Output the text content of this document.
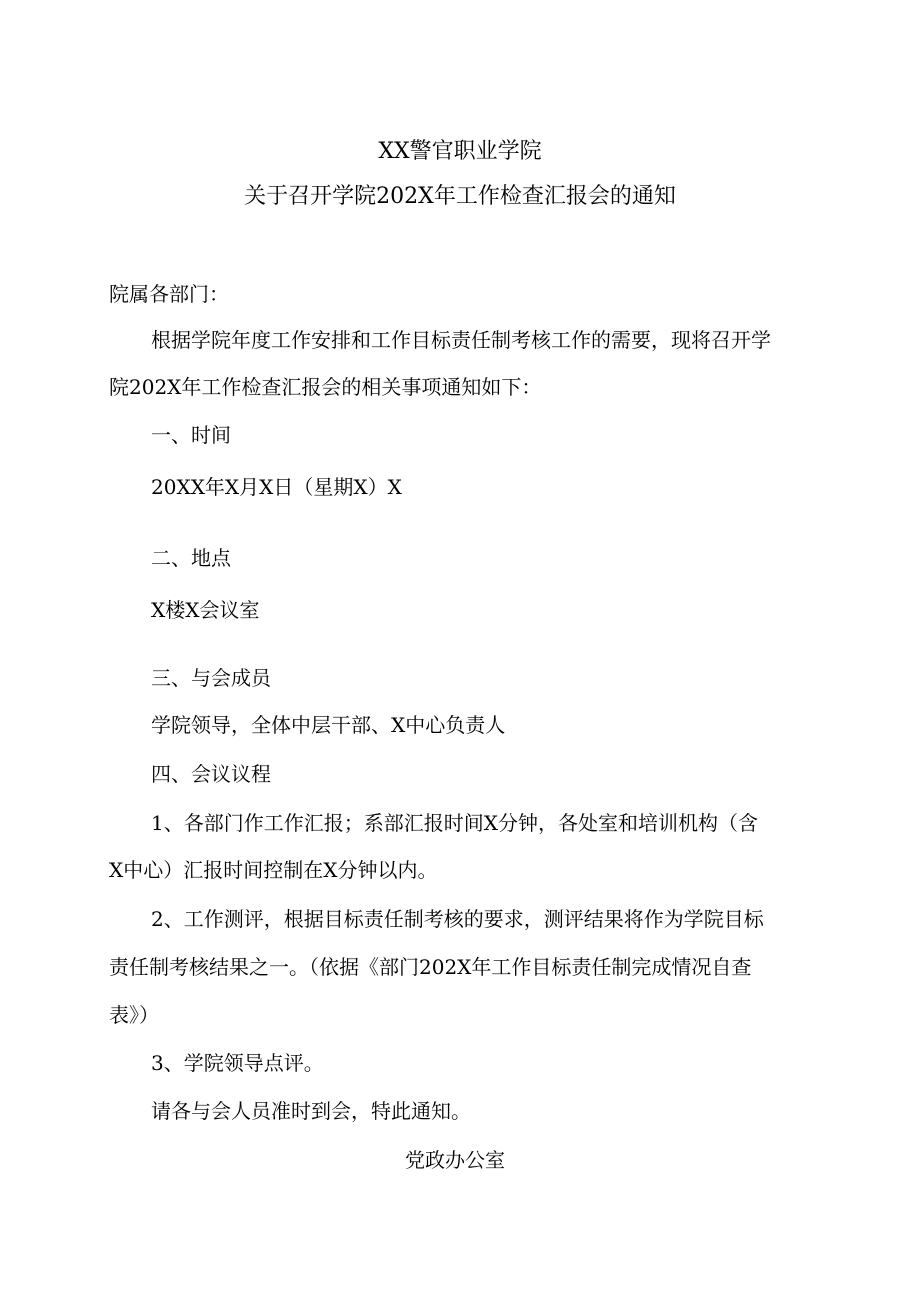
XX警官职业学院
关于召开学院202X年工作检查汇报会的通知
院属各部门：
根据学院年度工作安排和工作目标责任制考核工作的需要，现将召开学
院202X年工作检查汇报会的相关事项通知如下：
一、时间
20XX年X月X日（星期X）X
二、地点
X楼X会议室
三、与会成员
学院领导，全体中层干部、X中心负责人
四、会议议程
1、各部门作工作汇报；系部汇报时间X分钟，各处室和培训机构（含
X中心）汇报时间控制在X分钟以内。
2、工作测评，根据目标责任制考核的要求，测评结果将作为学院目标
责任制考核结果之一。（依据《部门202X年工作目标责任制完成情况自查
表》）
3、学院领导点评。
请各与会人员准时到会，特此通知。
党政办公室
